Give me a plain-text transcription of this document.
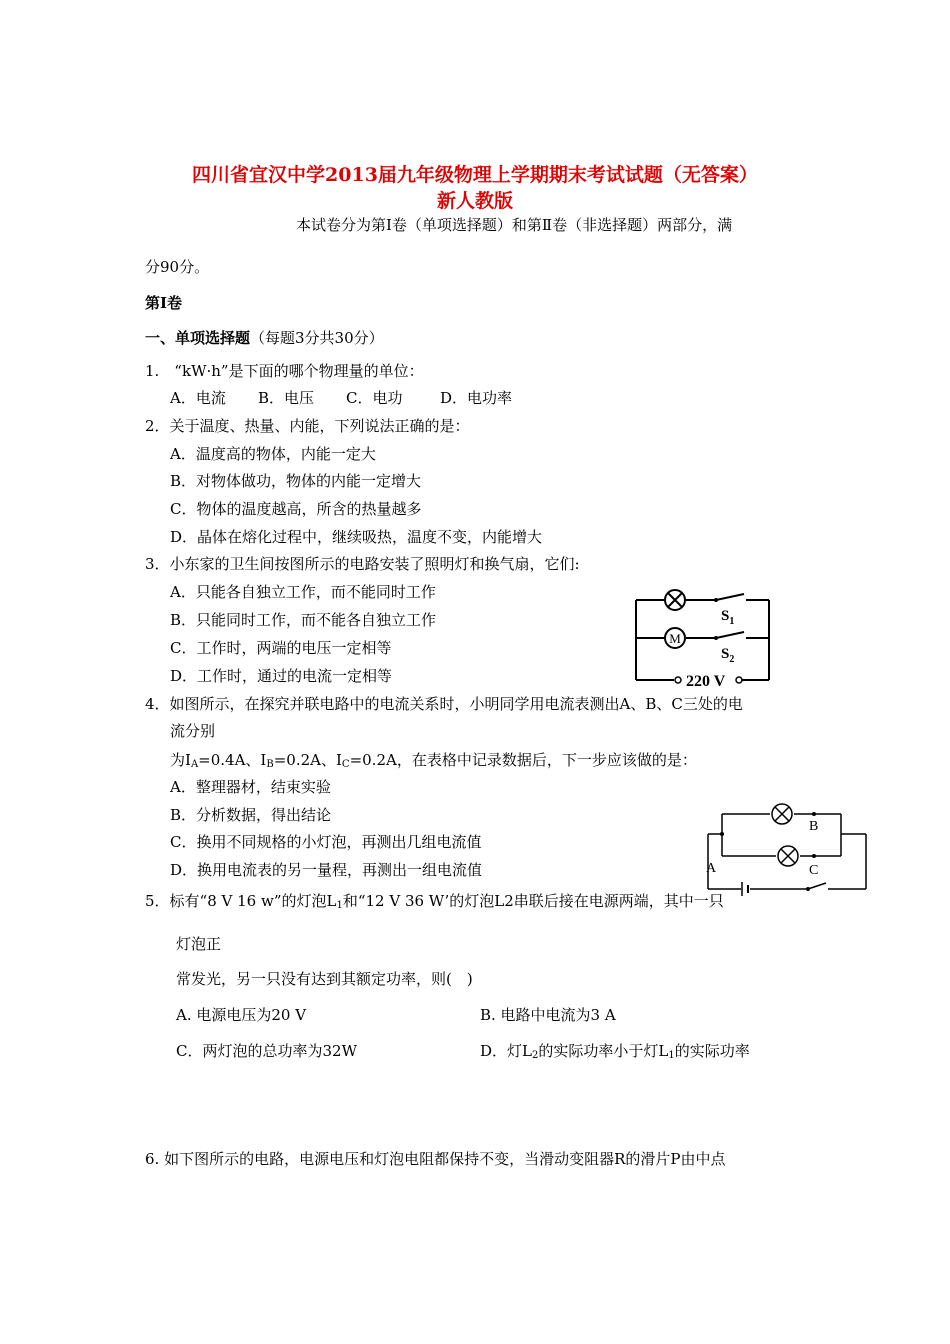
四川省宜汉中学2013届九年级物理上学期期末考试试题（无答案）
新人教版
本试卷分为第Ⅰ卷（单项选择题）和第Ⅱ卷（非选择题）两部分，满
分90分。
第Ⅰ卷
一、单项选择题（每题3分共30分）
1.　“kW·h”是下面的哪个物理量的单位：
A．电流 B．电压 C．电功	D．电功率
2．关于温度、热量、内能，下列说法正确的是：
A．温度高的物体，内能一定大
B．对物体做功，物体的内能一定增大
C．物体的温度越高，所含的热量越多
D．晶体在熔化过程中，继续吸热，温度不变，内能增大
3．小东家的卫生间按图所示的电路安装了照明灯和换气扇，它们:
A．只能各自独立工作，而不能同时工作
B．只能同时工作，而不能各自独立工作
C．工作时，两端的电压一定相等
D．工作时，通过的电流一定相等
M
$S_1$
$S_2$
220 V
4．如图所示，在探究并联电路中的电流关系时，小明同学用电流表测出A、B、C三处的电
流分别
为$I_A=0.4A$、$I_B=0.2A$、$I_C=0.2A$，在表格中记录数据后，下一步应该做的是：
A．整理器材，结束实验
B．分析数据，得出结论
C．换用不同规格的小灯泡，再测出几组电流值
D．换用电流表的另一量程，再测出一组电流值
B
C
A
5．标有“8 V 16 w”的灯泡$L_1$和“12 V 36 W’的灯泡L2串联后接在电源两端，其中一只
灯泡正
常发光，另一只没有达到其额定功率，则(　)
A. 电源电压为20 V	B. 电路中电流为3 A
C．两灯泡的总功率为32W	D．灯$L_2$的实际功率小于灯$L_1$的实际功率
6. 如下图所示的电路，电源电压和灯泡电阻都保持不变，当滑动变阻器R的滑片P由中点
